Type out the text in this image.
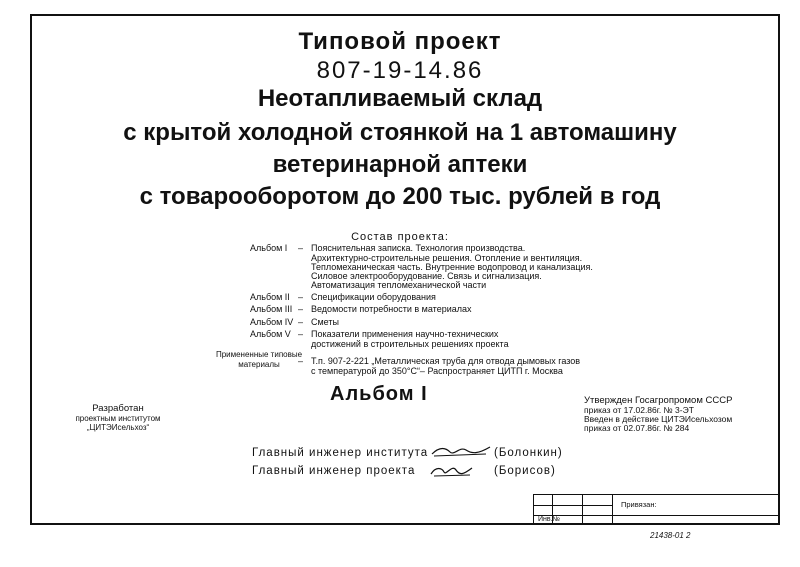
Типовой проект
807-19-14.86
Неотапливаемый склад
с крытой холодной стоянкой на 1 автомашину
ветеринарной аптеки
с товарооборотом до 200 тыс. рублей в год
Состав проекта:
Альбом I – Пояснительная записка. Технология производства.
Архитектурно-строительные решения. Отопление и вентиляция.
Тепломеханическая часть. Внутренние водопровод и канализация.
Силовое электрооборудование. Связь и сигнализация.
Автоматизация тепломеханической части
Альбом II – Спецификации оборудования
Альбом III – Ведомости потребности в материалах
Альбом IV – Сметы
Альбом V – Показатели применения научно-технических
достижений в строительных решениях проекта
Примененные типовые
материалы	– Т.п. 907-2-221 „Металлическая труба для отвода дымовых газов
с температурой до 350°С“– Распространяет ЦИТП г. Москва
Альбом I
Разработан
проектным институтом
„ЦИТЭИсельхоз“
Утвержден Госагропромом СССР
приказ от 17.02.86г. № 3-ЭТ
Введен в действие ЦИТЭИсельхозом
приказ от 02.07.86г. № 284
Главный инженер института	(Болонкин)
Главный инженер проекта	(Борисов)
Привязан:
Инв.№
21438-01 2
